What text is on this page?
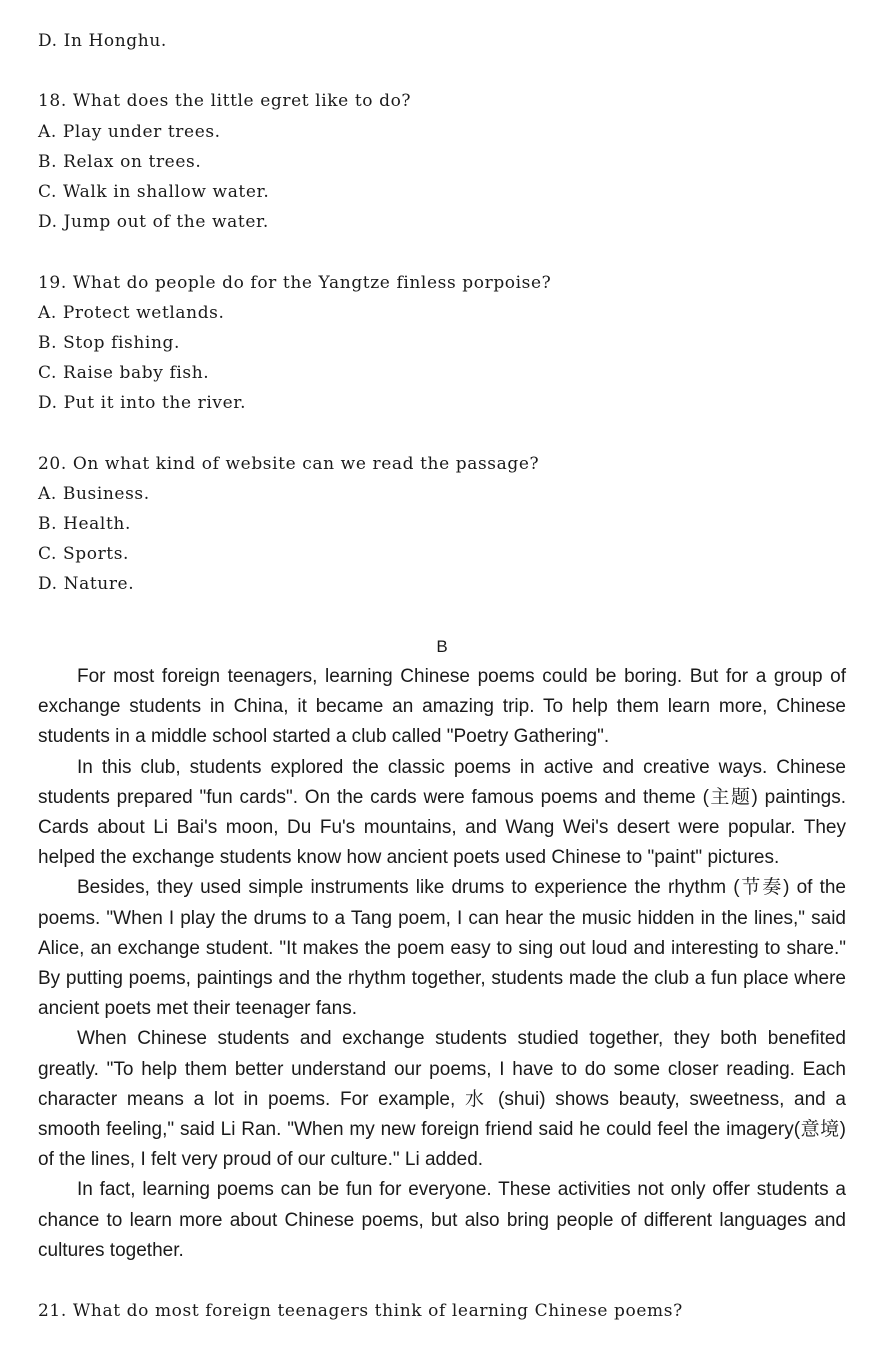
D. In Honghu.
18. What does the little egret like to do?
A. Play under trees.
B. Relax on trees.
C. Walk in shallow water.
D. Jump out of the water.
19. What do people do for the Yangtze finless porpoise?
A. Protect wetlands.
B. Stop fishing.
C. Raise baby fish.
D. Put it into the river.
20. On what kind of website can we read the passage?
A. Business.
B. Health.
C. Sports.
D. Nature.
B

For most foreign teenagers, learning Chinese poems could be boring. But for a group of exchange students in China, it became an amazing trip. To help them learn more, Chinese students in a middle school started a club called "Poetry Gathering".

In this club, students explored the classic poems in active and creative ways. Chinese students prepared "fun cards". On the cards were famous poems and theme (主题) paintings. Cards about Li Bai's moon, Du Fu's mountains, and Wang Wei's desert were popular. They helped the exchange students know how ancient poets used Chinese to "paint" pictures.

Besides, they used simple instruments like drums to experience the rhythm (节奏) of the poems. "When I play the drums to a Tang poem, I can hear the music hidden in the lines," said Alice, an exchange student. "It makes the poem easy to sing out loud and interesting to share." By putting poems, paintings and the rhythm together, students made the club a fun place where ancient poets met their teenager fans.

When Chinese students and exchange students studied together, they both benefited greatly. "To help them better understand our poems, I have to do some closer reading. Each character means a lot in poems. For example, 水 (shui) shows beauty, sweetness, and a smooth feeling," said Li Ran. "When my new foreign friend said he could feel the imagery(意境) of the lines, I felt very proud of our culture." Li added.

In fact, learning poems can be fun for everyone. These activities not only offer students a chance to learn more about Chinese poems, but also bring people of different languages and cultures together.

21. What do most foreign teenagers think of learning Chinese poems?
